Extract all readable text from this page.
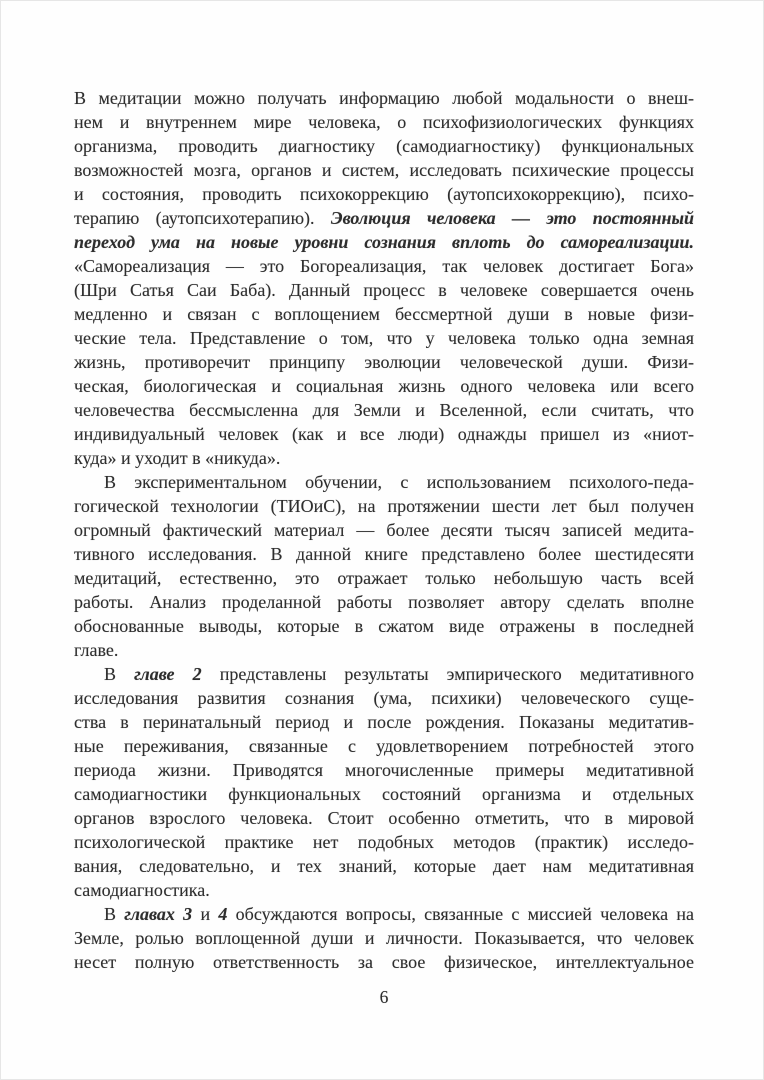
В медитации можно получать информацию любой модальности о внеш-
нем и внутреннем мире человека, о психофизиологических функциях
организма, проводить диагностику (самодиагностику) функциональных
возможностей мозга, органов и систем, исследовать психические процессы
и состояния, проводить психокоррекцию (аутопсихокоррекцию), психо-
терапию (аутопсихотерапию). Эволюция человека — это постоянный
переход ума на новые уровни сознания вплоть до самореализации.
«Самореализация — это Богореализация, так человек достигает Бога»
(Шри Сатья Саи Баба). Данный процесс в человеке совершается очень
медленно и связан с воплощением бессмертной души в новые физи-
ческие тела. Представление о том, что у человека только одна земная
жизнь, противоречит принципу эволюции человеческой души. Физи-
ческая, биологическая и социальная жизнь одного человека или всего
человечества бессмысленна для Земли и Вселенной, если считать, что
индивидуальный человек (как и все люди) однажды пришел из «ниот-
куда» и уходит в «никуда».
В экспериментальном обучении, с использованием психолого-педа-
гогической технологии (ТИОиС), на протяжении шести лет был получен
огромный фактический материал — более десяти тысяч записей медита-
тивного исследования. В данной книге представлено более шестидесяти
медитаций, естественно, это отражает только небольшую часть всей
работы. Анализ проделанной работы позволяет автору сделать вполне
обоснованные выводы, которые в сжатом виде отражены в последней
главе.
В главе 2 представлены результаты эмпирического медитативного
исследования развития сознания (ума, психики) человеческого суще-
ства в перинатальный период и после рождения. Показаны медитатив-
ные переживания, связанные с удовлетворением потребностей этого
периода жизни. Приводятся многочисленные примеры медитативной
самодиагностики функциональных состояний организма и отдельных
органов взрослого человека. Стоит особенно отметить, что в мировой
психологической практике нет подобных методов (практик) исследо-
вания, следовательно, и тех знаний, которые дает нам медитативная
самодиагностика.
В главах 3 и 4 обсуждаются вопросы, связанные с миссией человека на
Земле, ролью воплощенной души и личности. Показывается, что человек
несет полную ответственность за свое физическое, интеллектуальное
6
